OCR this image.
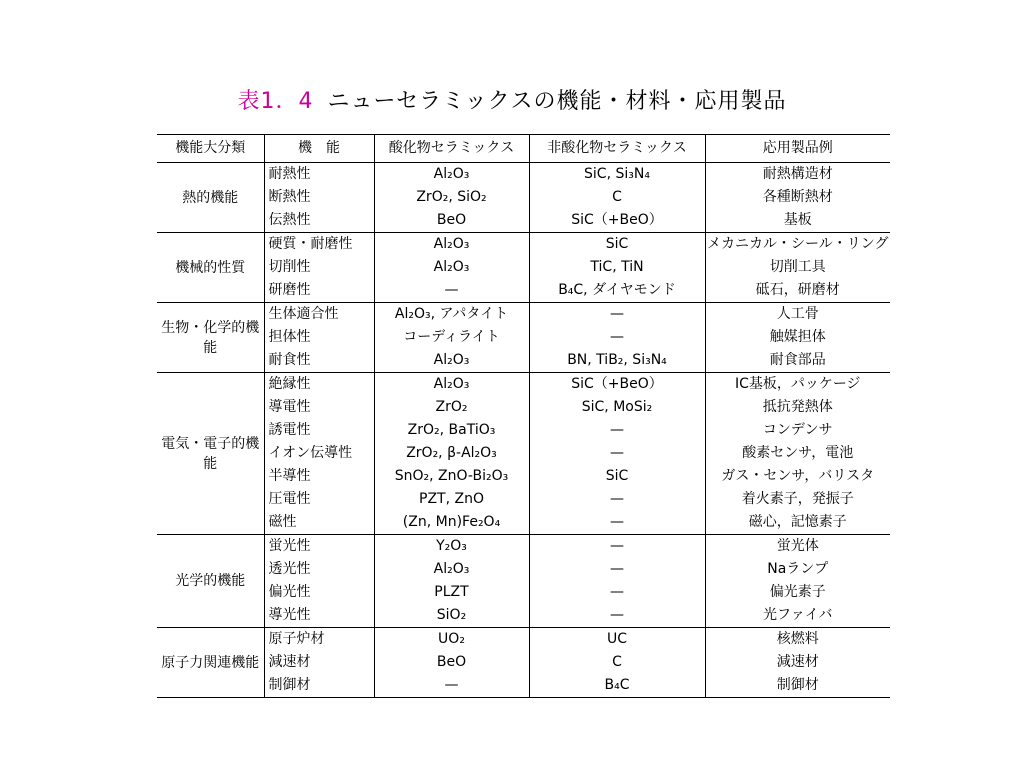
表1．4 ニューセラミックスの機能・材料・応用製品
機能大分類	機　能	酸化物セラミックス	非酸化物セラミックス	応用製品例
熱的機能	耐熱性	Al₂O₃	SiC, Si₃N₄	耐熱構造材
	断熱性	ZrO₂, SiO₂	C	各種断熱材
	伝熱性	BeO	SiC（+BeO）	基板
機械的性質	硬質・耐磨性	Al₂O₃	SiC	メカニカル・シール・リング
	切削性	Al₂O₃	TiC, TiN	切削工具
	研磨性	—	B₄C, ダイヤモンド	砥石，研磨材
生物・化学的機能	生体適合性	Al₂O₃, アパタイト	—	人工骨
	担体性	コーディライト	—	触媒担体
	耐食性	Al₂O₃	BN, TiB₂, Si₃N₄	耐食部品
電気・電子的機能	絶縁性	Al₂O₃	SiC（+BeO）	IC基板，パッケージ
	導電性	ZrO₂	SiC, MoSi₂	抵抗発熱体
	誘電性	ZrO₂, BaTiO₃	—	コンデンサ
	イオン伝導性	ZrO₂, β-Al₂O₃	—	酸素センサ，電池
	半導性	SnO₂, ZnO-Bi₂O₃	SiC	ガス・センサ，バリスタ
	圧電性	PZT, ZnO	—	着火素子，発振子
	磁性	(Zn, Mn)Fe₂O₄	—	磁心，記憶素子
光学的機能	蛍光性	Y₂O₃	—	蛍光体
	透光性	Al₂O₃	—	Naランプ
	偏光性	PLZT	—	偏光素子
	導光性	SiO₂	—	光ファイバ
原子力関連機能	原子炉材	UO₂	UC	核燃料
	減速材	BeO	C	減速材
	制御材	—	B₄C	制御材
